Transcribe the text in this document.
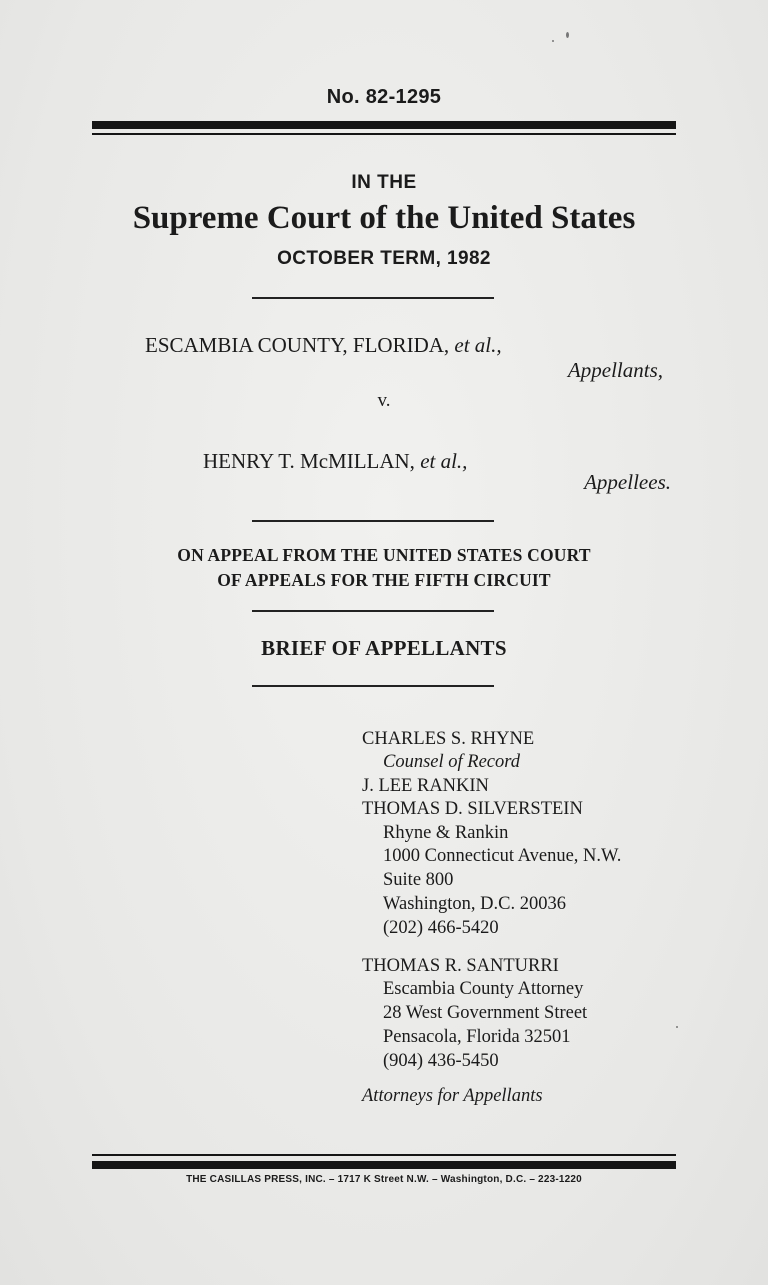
No. 82-1295
IN THE
Supreme Court of the United States
OCTOBER TERM, 1982
ESCAMBIA COUNTY, FLORIDA, et al.,
Appellants,
v.
HENRY T. McMILLAN, et al.,
Appellees.
ON APPEAL FROM THE UNITED STATES COURT
OF APPEALS FOR THE FIFTH CIRCUIT
BRIEF OF APPELLANTS
CHARLES S. RHYNE
Counsel of Record
J. LEE RANKIN
THOMAS D. SILVERSTEIN
Rhyne & Rankin
1000 Connecticut Avenue, N.W.
Suite 800
Washington, D.C. 20036
(202) 466-5420
THOMAS R. SANTURRI
Escambia County Attorney
28 West Government Street
Pensacola, Florida 32501
(904) 436-5450
Attorneys for Appellants
THE CASILLAS PRESS, INC. – 1717 K Street N.W. – Washington, D.C. – 223-1220
